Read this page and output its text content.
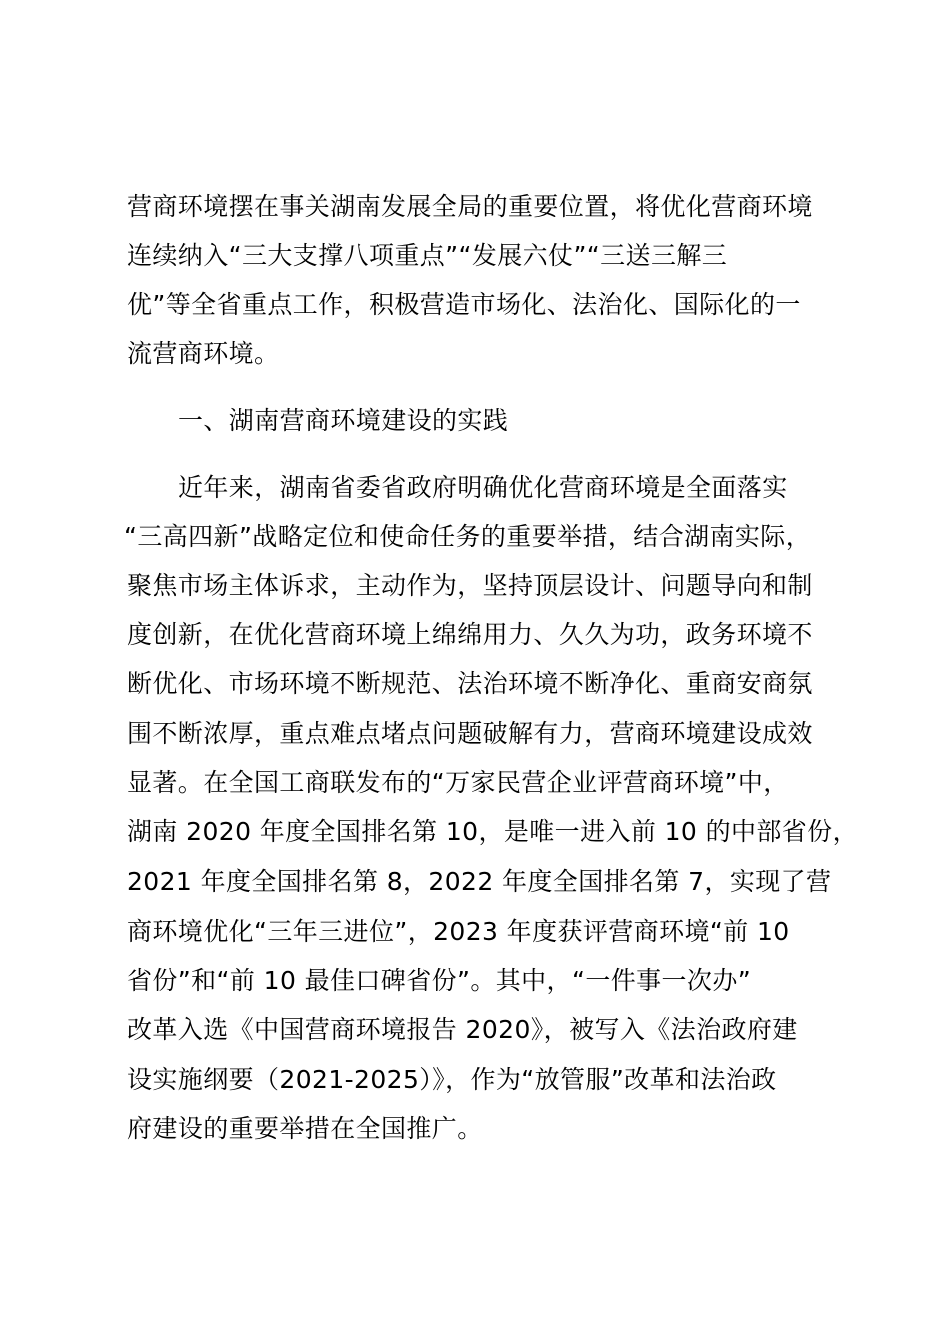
营商环境摆在事关湖南发展全局的重要位置，将优化营商环境
连续纳入“三大支撑八项重点”“发展六仗”“三送三解三
优”等全省重点工作，积极营造市场化、法治化、国际化的一
流营商环境。
一、湖南营商环境建设的实践
近年来，湖南省委省政府明确优化营商环境是全面落实
“三高四新”战略定位和使命任务的重要举措，结合湖南实际，
聚焦市场主体诉求，主动作为，坚持顶层设计、问题导向和制
度创新，在优化营商环境上绵绵用力、久久为功，政务环境不
断优化、市场环境不断规范、法治环境不断净化、重商安商氛
围不断浓厚，重点难点堵点问题破解有力，营商环境建设成效
显著。在全国工商联发布的“万家民营企业评营商环境”中，
湖南 2020 年度全国排名第 10，是唯一进入前 10 的中部省份，
2021 年度全国排名第 8，2022 年度全国排名第 7，实现了营
商环境优化“三年三进位”，2023 年度获评营商环境“前 10
省份”和“前 10 最佳口碑省份”。其中，“一件事一次办”
改革入选《中国营商环境报告 2020》，被写入《法治政府建
设实施纲要（2021-2025）》，作为“放管服”改革和法治政
府建设的重要举措在全国推广。
